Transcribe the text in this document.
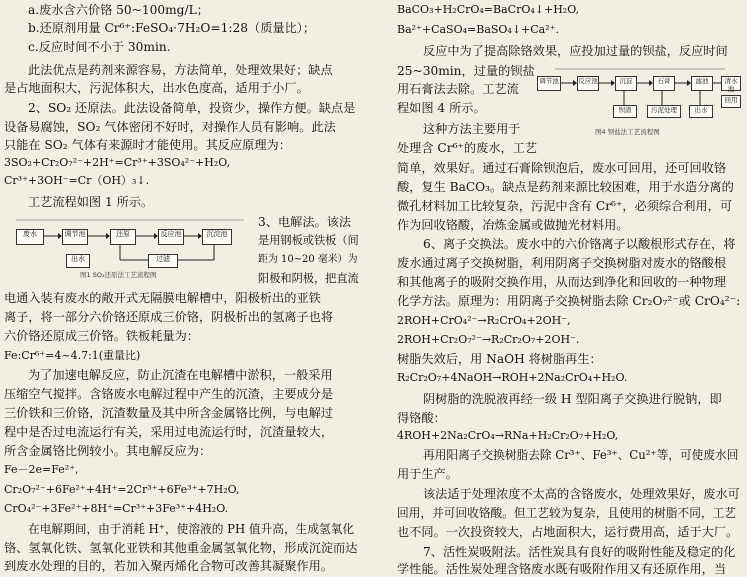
a.废水含六价铬 50~100mg/L；
b.还原剂用量 Cr⁶⁺:FeSO₄·7H₂O=1:28（质量比）；
c.反应时间不小于 30min.
此法优点是药剂来源容易，方法简单，处理效果好；缺点
是占地面积大，污泥体积大，出水色度高，适用于小厂。
2、SO₂ 还原法。此法设备简单，投资少，操作方便。缺点是
设备易腐蚀，SO₂ 气体密闭不好时，对操作人员有影响。此法
只能在 SO₂ 气体有来源时才能使用。其反应原理为：
3SO₂+Cr₂O₇²⁻+2H⁺=Cr³⁺+3SO₄²⁻+H₂O,
Cr³⁺+3OH⁻=Cr（OH）₃↓.
工艺流程如图 1 所示。
废水	调节池	还原	反应池	沉淀池
过滤
出水
图1 SO₂还原法工艺流程图
3、电解法。该法
是用钢板或铁板（间
距为 10~20 毫米）为
阳极和阴极，把直流
电通入装有废水的敞开式无隔膜电解槽中，阳极析出的亚铁
离子，将一部分六价铬还原成三价铬，阴极析出的氢离子也将
六价铬还原成三价铬。铁板耗量为：
Fe:Cr⁶⁺=4~4.7:1(重量比)
为了加速电解反应，防止沉渣在电解槽中淤积，一般采用
压缩空气搅拌。含铬废水电解过程中产生的沉渣，主要成分是
三价铁和三价铬，沉渣数量及其中所含金属铬比例，与电解过
程中是否过电流运行有关，采用过电流运行时，沉渣量较大，
所含金属铬比例较小。其电解反应为：
Fe－2e=Fe²⁺,
Cr₂O₇²⁻+6Fe²⁺+4H⁺=2Cr³⁺+6Fe³⁺+7H₂O,
CrO₄²⁻+3Fe²⁺+8H⁺=Cr³⁺+3Fe³⁺+4H₂O.
在电解期间，由于消耗 H⁺，使溶液的 PH 值升高，生成氢氧化
铬、氢氧化铁、氢氧化亚铁和其他重金属氢氧化物，形成沉淀而达
到废水处理的目的，若加入聚丙烯化合物可改善其凝聚作用。
BaCO₃+H₂CrO₄=BaCrO₄↓+H₂O,
Ba²⁺+CaSO₄=BaSO₄↓+Ca²⁺.
反应中为了提高除铬效果，应投加过量的钡盐，反应时间
25~30min，过量的钡盐
用石膏法去除。工艺流
程如图 4 所示。
调节池	反应池	沉淀	石膏	滤池	清水池
回用
钡渣	污泥处理	出水
图4 钡盐法工艺流程图
这种方法主要用于
处理含 Cr⁶⁺的废水，工艺
简单，效果好。通过石膏除钡泡后，废水可回用，还可回收铬
酸，复生 BaCO₃。缺点是药剂来源比较困难，用于水造分离的
微孔材料加工比较复杂，污泥中含有 Cr⁶⁺，必须综合利用，可
作为回收铬酸，冶炼金属或做抛光材料用。
6、离子交换法。废水中的六价铬离子以酸根形式存在，将
废水通过离子交换树脂，利用阴离子交换树脂对废水的铬酸根
和其他离子的吸附交换作用，从而达到净化和回收的一种物理
化学方法。原理为：用阴离子交换树脂去除 Cr₂O₇²⁻或 CrO₄²⁻:
2ROH+CrO₄²⁻→R₂CrO₄+2OH⁻,
2ROH+Cr₂O₇²⁻→R₂Cr₂O₇+2OH⁻.
树脂失效后，用 NaOH 将树脂再生：
R₂Cr₂O₇+4NaOH→ROH+2Na₂CrO₄+H₂O.
阴树脂的洗脱液再经一级 H 型阳离子交换进行脱钠，即
得铬酸：
4ROH+2Na₂CrO₄→RNa+H₂Cr₂O₇+H₂O,
再用阳离子交换树脂去除 Cr³⁺、Fe³⁺、Cu²⁺等，可使废水回
用于生产。
该法适于处理浓度不太高的含铬废水，处理效果好，废水可
回用，并可回收铬酸。但工艺较为复杂，且使用的树脂不同，工艺
也不同。一次投资较大，占地面积大，运行费用高，适于大厂。
7、活性炭吸附法。活性炭具有良好的吸附性能及稳定的化
学性能。活性炭处理含铬废水既有吸附作用又有还原作用，当
